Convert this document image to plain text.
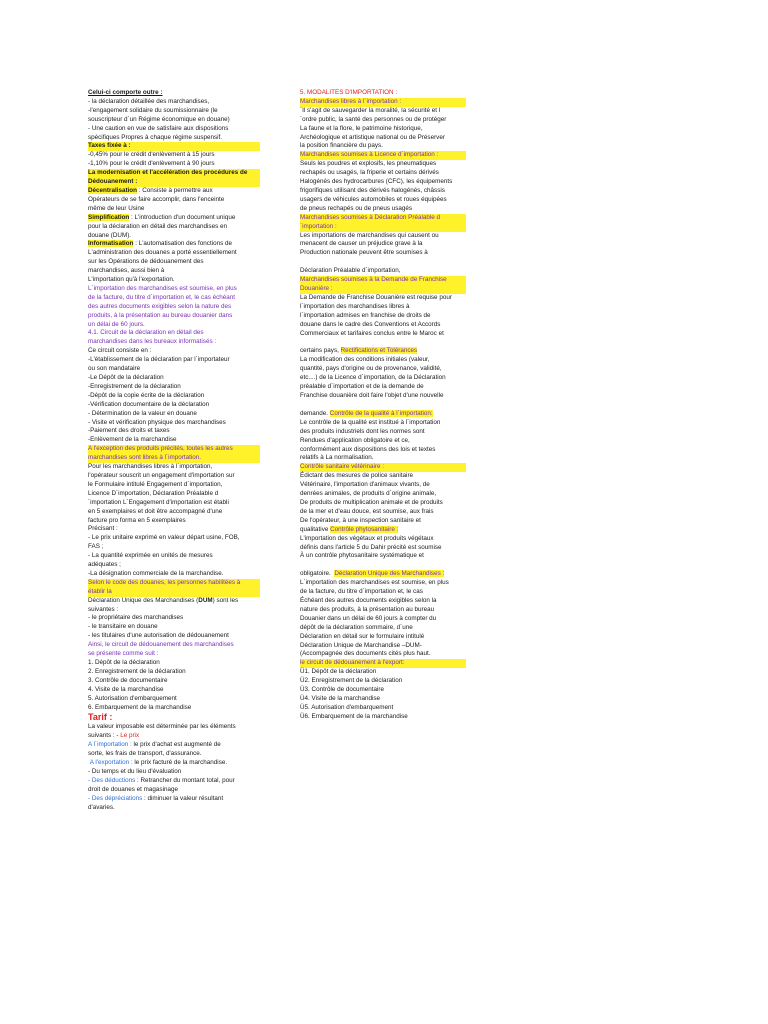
Celui-ci comporte outre :
- la déclaration détaillée des marchandises,
-l'engagement solidaire du soumissionnaire (le
souscripteur d´un Régime économique en douane)
- Une caution en vue de satisfaire aux dispositions
spécifiques Propres à chaque régime suspensif.
Taxes fixée à :
-0,45% pour le crédit d'enlèvement à 15 jours
-1,10% pour le crédit d'enlèvement à 90 jours
La modernisation et l'accélération des procédures de
Dédouanement :
Décentralisation : Consiste à permettre aux
Opérateurs de se faire accomplir, dans l'enceinte
même de leur Usine
Simplification : L'introduction d'un document unique
pour la déclaration en détail des marchandises en
douane (DUM).
Informatisation : L'automatisation des fonctions de
L'administration des douanes a porté essentiellement
sur les Opérations de dédouanement des
marchandises, aussi bien à
L'importation qu'à l'exportation.
L´importation des marchandises est soumise, en plus
de la facture, du titre d´importation et, le cas échéant
des autres documents exigibles selon la nature des
produits, à la présentation au bureau douanier dans
un délai de 60 jours.
4.1. Circuit de la déclaration en détail des
marchandises dans les bureaux informatisés :
Ce circuit consiste en :
-L'établissement de la déclaration par l´importateur
ou son mandataire
-Le Dépôt de la déclaration
-Enregistrement de la déclaration
-Dépôt de la copie écrite de la déclaration
-Vérification documentaire de la déclaration
- Détermination de la valeur en douane
- Visite et vérification physique des marchandises
-Paiement des droits et taxes
-Enlèvement de la marchandise
A l'exception des produits précités, toutes les autres
marchandises sont libres à l´importation.
Pour les marchandises libres à l´importation,
l'opérateur souscrit un engagement d'importation sur
le Formulaire intitulé Engagement d´importation,
Licence D´importation, Déclaration Préalable d
´importation L´Engagement d'importation est établi
en 5 exemplaires et doit être accompagné d'une
facture pro forma en 5 exemplaires
Précisant :
- Le prix unitaire exprimé en valeur départ usine, FOB,
FAS ;
- La quantité exprimée en unités de mesures
adéquates ;
-La désignation commerciale de la marchandise.
Selon le code des douanes, les personnes habilitées à
établir la
Déclaration Unique des Marchandises (DUM) sont les
suivantes :
- le propriétaire des marchandises
- le transitaire en douane
- les titulaires d'une autorisation de dédouanement
Ainsi, le circuit de dédouanement des marchandises
se présente comme suit :
1. Dépôt de la déclaration
2. Enregistrement de la déclaration
3. Contrôle de documentaire
4. Visite de la marchandise
5. Autorisation d'embarquement
6. Embarquement de la marchandise
Tarif :
La valeur imposable est déterminée par les éléments
suivants : - Le prix
A l´importation : le prix d'achat est augmenté de
sorte, les frais de transport, d'assurance.
A l'exportation : le prix facturé de la marchandise.
- Du temps et du lieu d'évaluation
- Des déductions : Retrancher du montant total, pour
droit de douanes et magasinage
- Des dépréciations : diminuer la valeur résultant
d'avaries.
5. MODALITES D'IMPORTATION :
Marchandises libres à l´importation :
´Il s'agit de sauvegarder la moralité, la sécurité et l
´ordre public, la santé des personnes ou de protéger
La faune et la flore, le patrimoine historique,
Archéologique et artistique national ou de Préserver
la position financière du pays.
Marchandises soumises à Licence d´importation :
Seuls les poudres et explosifs, les pneumatiques
rechapés ou usagés, la friperie et certains dérivés
Halogénés des hydrocarbures (CFC), les équipements
frigorifiques utilisant des dérivés halogénés, châssis
usagers de véhicules automobiles et roues équipées
de pneus rechapés ou de pneus usagés
Marchandises soumises à Déclaration Préalable d
´importation :
Les importations de marchandises qui causent ou
menacent de causer un préjudice grave à la
Production nationale peuvent être soumises à
Déclaration Préalable d´importation,
Marchandises soumises à la Demande de Franchise
Douanière :
La Demande de Franchise Douanière est requise pour
l´importation des marchandises libres à
l´importation admises en franchise de droits de
douane dans le cadre des Conventions et Accords
Commerciaux et tarifaires conclus entre le Maroc et
certains pays, Rectifications et Tolérances
La modification des conditions initiales (valeur,
quantité, pays d'origine ou de provenance, validité,
etc....) de la Licence d´importation, de la Déclaration
préalable d´importation et de la demande de
Franchise douanière doit faire l'objet d'une nouvelle
demande. Contrôle de la qualité à l´importation:
Le contrôle de la qualité est institué à l´importation
des produits industriels dont les normes sont
Rendues d'application obligatoire et ce,
conformément aux dispositions des lois et textes
relatifs à La normalisation.
Contrôle sanitaire vétérinaire :
Édictant des mesures de police sanitaire
Vétérinaire, l'importation d'animaux vivants, de
denrées animales, de produits d´origine animale,
De produits de multiplication animale et de produits
de la mer et d'eau douce, est soumise, aux frais
De l'opérateur, à une inspection sanitaire et
qualitative Contrôle phytosanitaire :
L'importation des végétaux et produits végétaux
définis dans l'article 5 du Dahir précité est soumise
À un contrôle phytosanitaire systématique et
obligatoire.  Déclaration Unique des Marchandises :
L´importation des marchandises est soumise, en plus
de la facture, du titre d´importation et, le cas
Échéant des autres documents exigibles selon la
nature des produits, à la présentation au bureau
Douanier dans un délai de 60 jours à compter du
dépôt de la déclaration sommaire, d´une
Déclaration en détail sur le formulaire intitulé
Déclaration Unique de Marchandise –DUM-
(Accompagnée des documents cités plus haut.
le circuit de dédouanement à l'export:
Ü1. Dépôt de la déclaration
Ü2. Enregistrement de la déclaration
Ü3. Contrôle de documentaire
Ü4. Visite de la marchandise
Ü5. Autorisation d'embarquement
Ü6. Embarquement de la marchandise
